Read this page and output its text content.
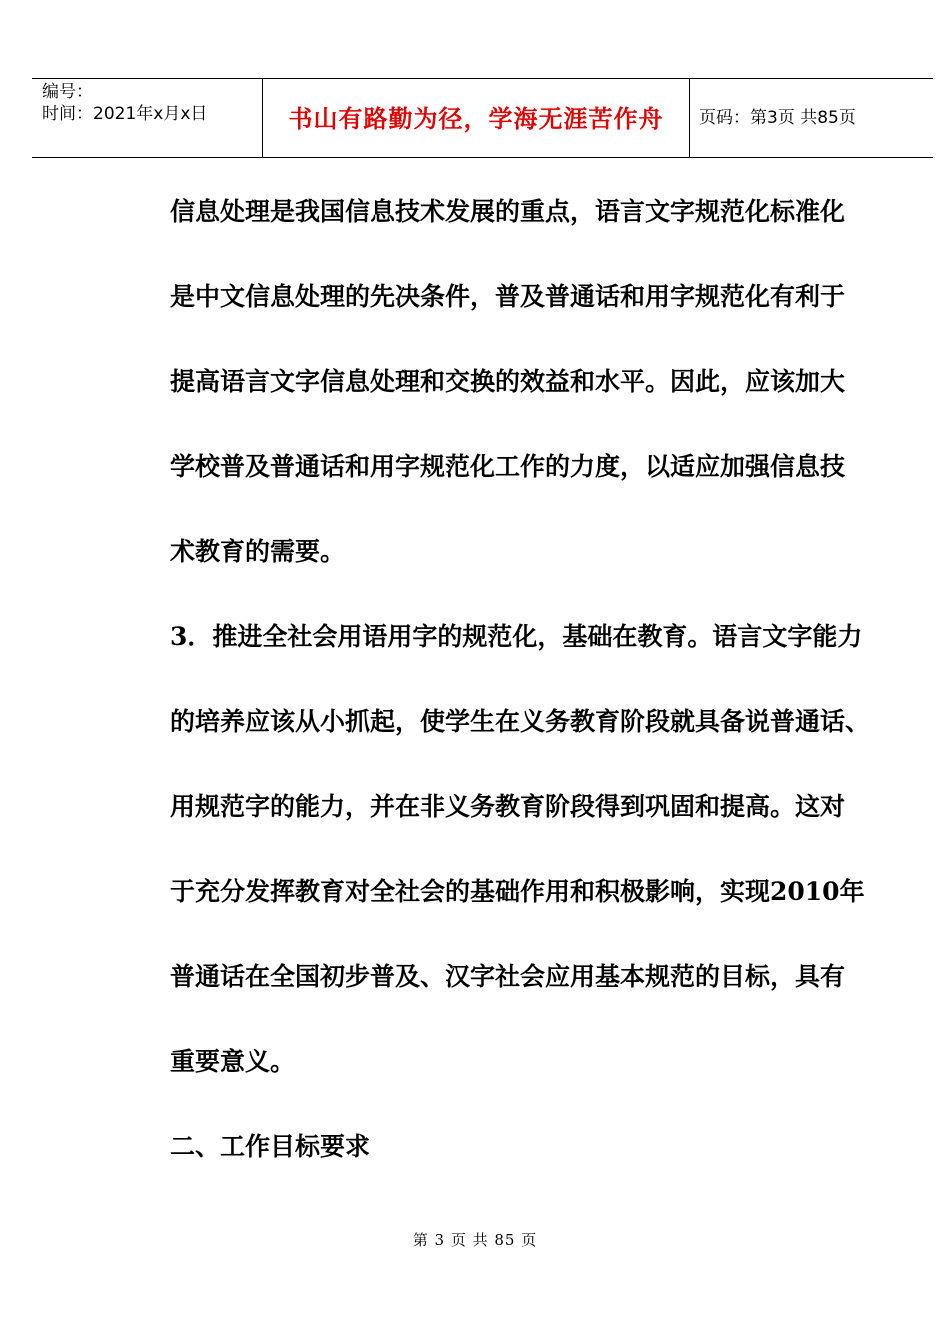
编号：
时间：2021年x月x日	书山有路勤为径，学海无涯苦作舟	页码：第3页 共85页
信息处理是我国信息技术发展的重点，语言文字规范化标准化
是中文信息处理的先决条件，普及普通话和用字规范化有利于
提高语言文字信息处理和交换的效益和水平。因此，应该加大
学校普及普通话和用字规范化工作的力度，以适应加强信息技
术教育的需要。
3．推进全社会用语用字的规范化，基础在教育。语言文字能力
的培养应该从小抓起，使学生在义务教育阶段就具备说普通话、
用规范字的能力，并在非义务教育阶段得到巩固和提高。这对
于充分发挥教育对全社会的基础作用和积极影响，实现2010年
普通话在全国初步普及、汉字社会应用基本规范的目标，具有
重要意义。
二、工作目标要求
第 3 页 共 85 页
